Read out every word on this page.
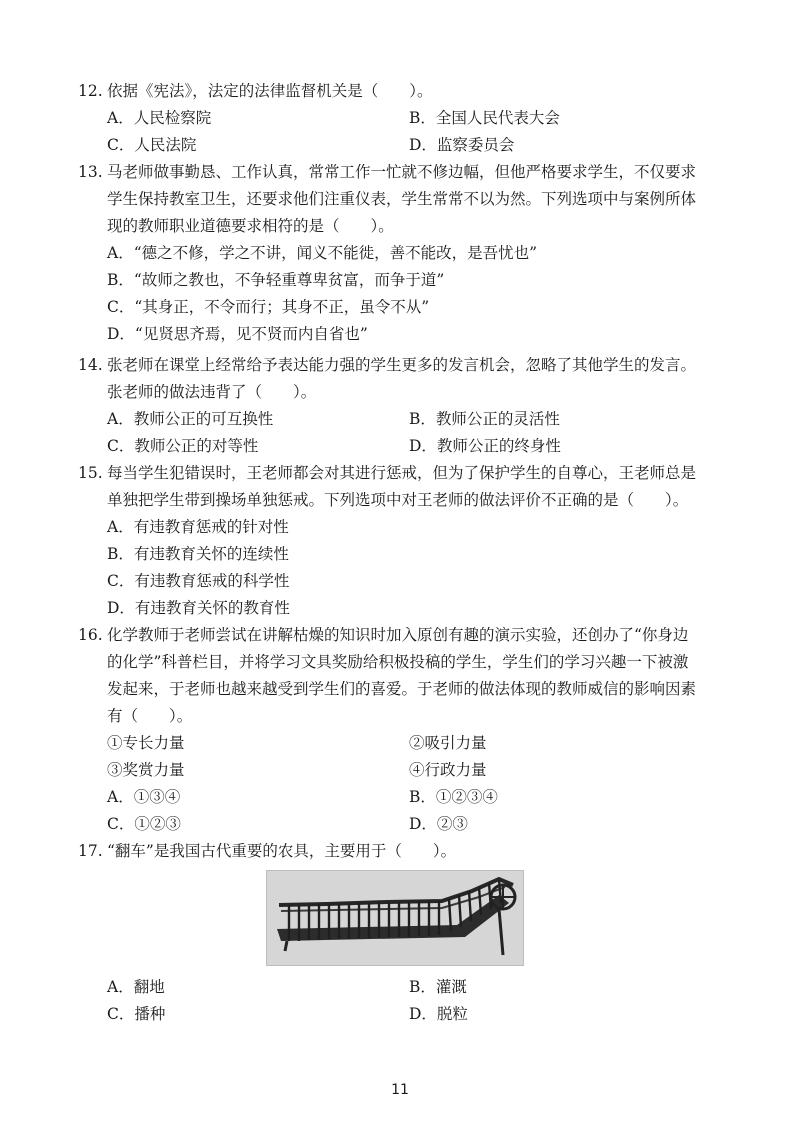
12. 依据《宪法》，法定的法律监督机关是（　　）。
A．人民检察院	B．全国人民代表大会
C．人民法院	D．监察委员会
13. 马老师做事勤恳、工作认真，常常工作一忙就不修边幅，但他严格要求学生，不仅要求
学生保持教室卫生，还要求他们注重仪表，学生常常不以为然。下列选项中与案例所体
现的教师职业道德要求相符的是（　　）。
A．“德之不修，学之不讲，闻义不能徙，善不能改，是吾忧也”
B．“故师之教也，不争轻重尊卑贫富，而争于道”
C．“其身正，不令而行；其身不正，虽令不从”
D．“见贤思齐焉，见不贤而内自省也”
14. 张老师在课堂上经常给予表达能力强的学生更多的发言机会，忽略了其他学生的发言。
张老师的做法违背了（　　）。
A．教师公正的可互换性	B．教师公正的灵活性
C．教师公正的对等性	D．教师公正的终身性
15. 每当学生犯错误时，王老师都会对其进行惩戒，但为了保护学生的自尊心，王老师总是
单独把学生带到操场单独惩戒。下列选项中对王老师的做法评价不正确的是（　　）。
A．有违教育惩戒的针对性
B．有违教育关怀的连续性
C．有违教育惩戒的科学性
D．有违教育关怀的教育性
16. 化学教师于老师尝试在讲解枯燥的知识时加入原创有趣的演示实验，还创办了“你身边
的化学”科普栏目，并将学习文具奖励给积极投稿的学生，学生们的学习兴趣一下被激
发起来，于老师也越来越受到学生们的喜爱。于老师的做法体现的教师威信的影响因素
有（　　）。
①专长力量	②吸引力量
③奖赏力量	④行政力量
A．①③④	B．①②③④
C．①②③	D．②③
17. “翻车”是我国古代重要的农具，主要用于（　　）。
A．翻地	B．灌溉
C．播种	D．脱粒
11
